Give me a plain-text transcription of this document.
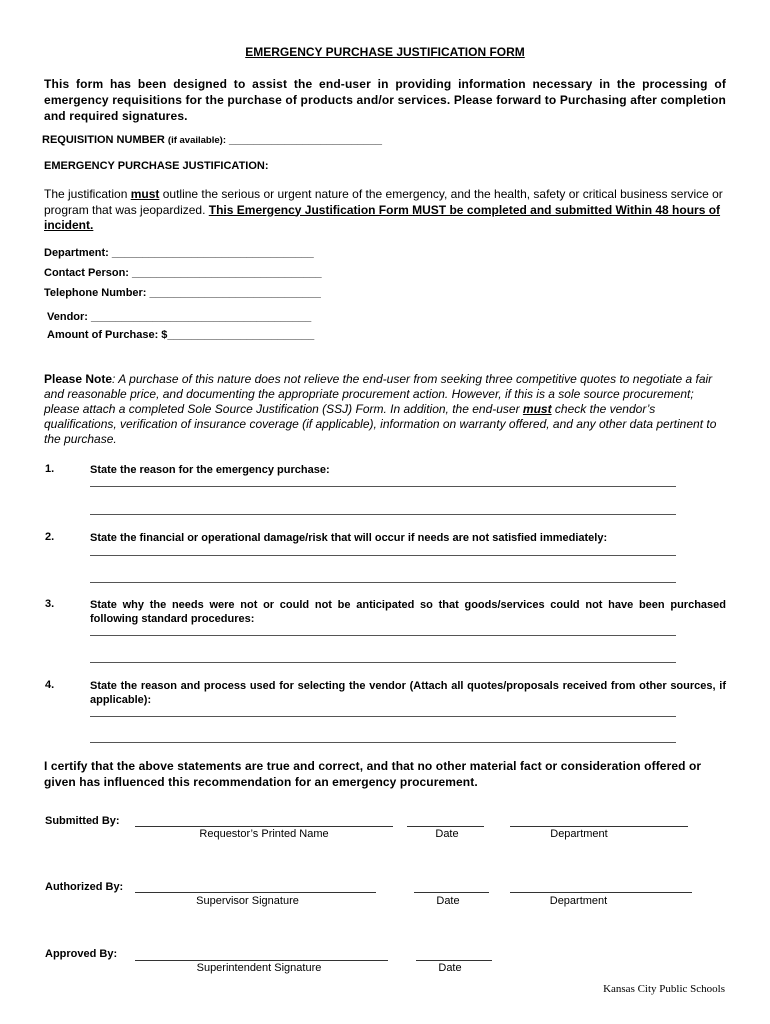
EMERGENCY PURCHASE JUSTIFICATION FORM
This form has been designed to assist the end-user in providing information necessary in the processing of emergency requisitions for the purchase of products and/or services. Please forward to Purchasing after completion and required signatures.
REQUISITION NUMBER (if available): _________________________
EMERGENCY PURCHASE JUSTIFICATION:
The justification must outline the serious or urgent nature of the emergency, and the health, safety or critical business service or program that was jeopardized. This Emergency Justification Form MUST be completed and submitted Within 48 hours of incident.
Department: _________________________________
Contact Person: _______________________________
Telephone Number: ____________________________
Vendor: ____________________________________
Amount of Purchase: $________________________
Please Note: A purchase of this nature does not relieve the end-user from seeking three competitive quotes to negotiate a fair and reasonable price, and documenting the appropriate procurement action. However, if this is a sole source procurement; please attach a completed Sole Source Justification (SSJ) Form. In addition, the end-user must check the vendor’s qualifications, verification of insurance coverage (if applicable), information on warranty offered, and any other data pertinent to the purchase.
1.	State the reason for the emergency purchase:
2.	State the financial or operational damage/risk that will occur if needs are not satisfied immediately:
3.	State why the needs were not or could not be anticipated so that goods/services could not have been purchased following standard procedures:
4.	State the reason and process used for selecting the vendor (Attach all quotes/proposals received from other sources, if applicable):
I certify that the above statements are true and correct, and that no other material fact or consideration offered or given has influenced this recommendation for an emergency procurement.
Submitted By:
Requestor’s Printed Name	Date	Department
Authorized By:
Supervisor Signature	Date	Department
Approved By:
Superintendent Signature	Date
Kansas City Public Schools
